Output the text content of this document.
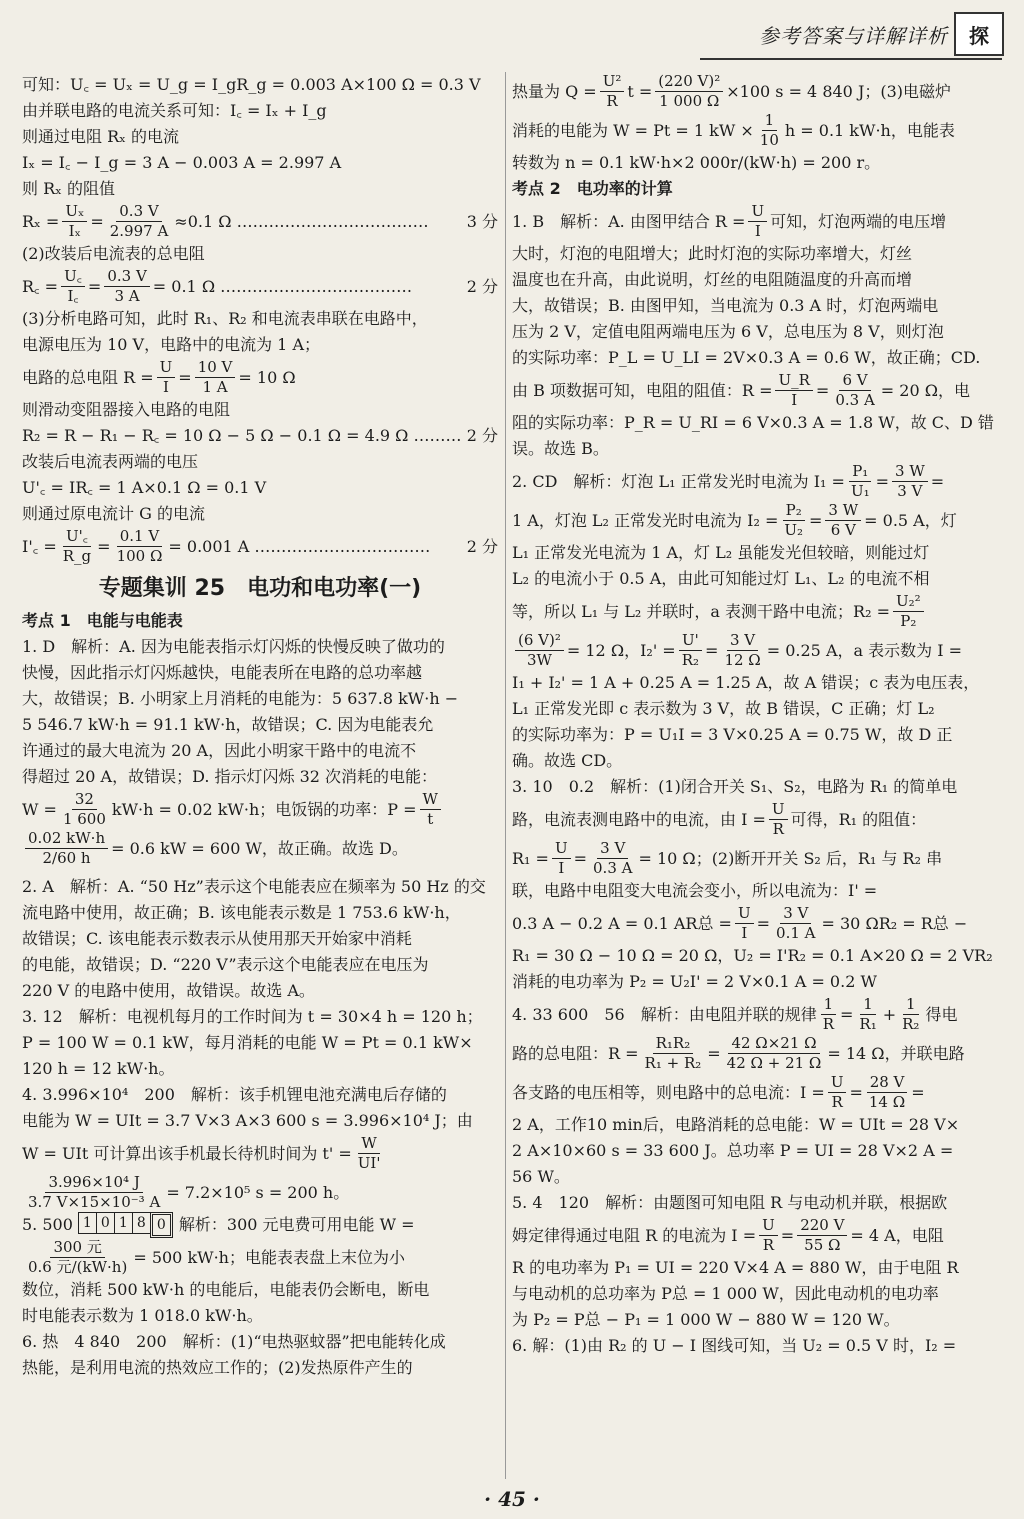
参考答案与详解详析	探
可知：U꜀ = Uₓ = U_g = I_gR_g = 0.003 A×100 Ω = 0.3 V
由并联电路的电流关系可知：I꜀ = Iₓ + I_g
则通过电阻 Rₓ 的电流
Iₓ = I꜀ − I_g = 3 A − 0.003 A = 2.997 A
则 Rₓ 的阻值
$R_x = \frac{\text{Uₓ}}{\text{Iₓ}} = \frac{0.3 V}{2.997 A} \approx 0.1$ Ω ……………………………… 3 分
(2)改装后电流表的总电阻
R꜀ = $\frac{U꜀}{I꜀} = \frac{0.3 V}{3 A} = 0.1$ Ω ………………………………	2 分
(3)分析电路可知，此时 R₁、R₂ 和电流表串联在电路中，
电源电压为 10 V，电路中的电流为 1 A；
电路的总电阻 $R = \frac{U}{I} = \frac{10 V}{1 A} = 10$ Ω
则滑动变阻器接入电路的电阻
R₂ = R − R₁ − R꜀ = 10 Ω − 5 Ω − 0.1 Ω = 4.9 Ω ……… 2 分
改装后电流表两端的电压
U'꜀ = IR꜀ = 1 A×0.1 Ω = 0.1 V
则通过原电流计 G 的电流
I'꜀ = $\frac{U'꜀}{R\_g} = \frac{0.1 V}{100 \Omega} = 0.001$ A …………………………… 2 分
专题集训 25　电功和电功率(一)
考点 1　电能与电能表
1. D　解析：A. 因为电能表指示灯闪烁的快慢反映了做功的
快慢，因此指示灯闪烁越快，电能表所在电路的总功率越
大，故错误；B. 小明家上月消耗的电能为：5 637.8 kW·h −
5 546.7 kW·h = 91.1 kW·h，故错误；C. 因为电能表允
许通过的最大电流为 20 A，因此小明家干路中的电流不
得超过 20 A，故错误；D. 指示灯闪烁 32 次消耗的电能：
$W = \frac{32}{1 600} kW\cdot h = 0.02$ kW·h；电饭锅的功率：$P = \frac{W}{t}$
$\frac{0.02 kW\cdot h}{2/60 h} = 0.6$ kW = 600 W，故正确。故选 D。
2. A　解析：A. “50 Hz”表示这个电能表应在频率为 50 Hz 的交
流电路中使用，故正确；B. 该电能表示数是 1 753.6 kW·h，
故错误；C. 该电能表示数表示从使用那天开始家中消耗
的电能，故错误；D. “220 V”表示这个电能表应在电压为
220 V 的电路中使用，故错误。故选 A。
3. 12　解析：电视机每月的工作时间为 t = 30×4 h = 120 h；
P = 100 W = 0.1 kW，每月消耗的电能 W = Pt = 0.1 kW×
120 h = 12 kW·h。
4. 3.996×10⁴　200　解析：该手机锂电池充满电后存储的
电能为 W = UIt = 3.7 V×3 A×3 600 s = 3.996×10⁴ J；由
W = UIt 可计算出该手机最长待机时间为 $t' = \frac{W}{UI'}$
$\frac{\text{3.996×10⁴ J}}{\text{3.7 V×15×10⁻³ A}} = 7.2\times 10^5$ s = 200 h。
5. 500 1 0 1 8 0 解析：300 元电费可用电能 W =
$\frac{\text{300 元}}{\text{0.6 元/(kW·h)}} = 500$ kW·h；电能表表盘上末位为小
数位，消耗 500 kW·h 的电能后，电能表仍会断电，断电
时电能表示数为 1 018.0 kW·h。
6. 热　4 840　200　解析：(1)“电热驱蚊器”把电能转化成
热能，是利用电流的热效应工作的；(2)发热原件产生的
热量为 $Q = \frac{\text{U²}}{R}$ $t = \frac{\text{(220 V)²}}{1 000 \Omega} \times 100$ s = 4 840 J；(3)电磁炉
消耗的电能为 W = Pt = 1 kW × $\frac{1}{10}$ h = 0.1 kW·h，电能表
转数为 n = 0.1 kW·h×2 000r/(kW·h) = 200 r。
考点 2　电功率的计算
1. B　解析：A. 由图甲结合 $R = \frac{U}{I}$ 可知，灯泡两端的电压增
大时，灯泡的电阻增大；此时灯泡的实际功率增大，灯丝
温度也在升高，由此说明，灯丝的电阻随温度的升高而增
大，故错误；B. 由图甲知，当电流为 0.3 A 时，灯泡两端电
压为 2 V，定值电阻两端电压为 6 V，总电压为 8 V，则灯泡
的实际功率：P_L = U_LI = 2V×0.3 A = 0.6 W，故正确；CD.
由 B 项数据可知，电阻的阻值：$R = \frac{U\_R}{I} = \frac{6 V}{0.3 A} = 20$ Ω，电
阻的实际功率：P_R = U_RI = 6 V×0.3 A = 1.8 W，故 C、D 错
误。故选 B。
2. CD　解析：灯泡 L₁ 正常发光时电流为 $I_1 = \frac{\text{P₁}}{\text{U₁}} = \frac{3 W}{3 V}$ =
1 A，灯泡 L₂ 正常发光时电流为 $I_2 = \frac{\text{P₂}}{\text{U₂}} = \frac{3 W}{6 V} = 0.5$ A，灯
L₁ 正常发光电流为 1 A，灯 L₂ 虽能发光但较暗，则能过灯
L₂ 的电流小于 0.5 A，由此可知能过灯 L₁、L₂ 的电流不相
等，所以 L₁ 与 L₂ 并联时，a 表测干路中电流；$R_2 = \frac{\text{U₂²}}{\text{P₂}}$
$\frac{\text{(6 V)²}}{3W} = 12$ Ω，$I_2' = \frac{U'}{\text{R₂}} = \frac{3 V}{12 \Omega} = 0.25$ A，a 表示数为 I =
I₁ + I₂' = 1 A + 0.25 A = 1.25 A，故 A 错误；c 表为电压表，
L₁ 正常发光即 c 表示数为 3 V，故 B 错误，C 正确；灯 L₂
的实际功率为：P = U₁I = 3 V×0.25 A = 0.75 W，故 D 正
确。故选 CD。
3. 10　0.2　解析：(1)闭合开关 S₁、S₂，电路为 R₁ 的简单电
路，电流表测电路中的电流，由 $I = \frac{U}{R}$ 可得，R₁ 的阻值：
$R_1 = \frac{U}{I} = \frac{3 V}{0.3 A} = 10$ Ω；(2)断开开关 S₂ 后，R₁ 与 R₂ 串
联，电路中电阻变大电流会变小，所以电流为：I' =
0.3 A − 0.2 A = 0.1 AR总 = $\frac{U}{I} = \frac{3 V}{0.1 A} = 30$ ΩR₂ = R总 −
R₁ = 30 Ω − 10 Ω = 20 Ω，U₂ = I'R₂ = 0.1 A×20 Ω = 2 VR₂
消耗的电功率为 P₂ = U₂I' = 2 V×0.1 A = 0.2 W
4. 33 600　56　解析：由电阻并联的规律 $\frac{1}{R} = \frac{1}{\text{R₁}} + \frac{1}{\text{R₂}}$ 得电
路的总电阻：$R = \frac{\text{R₁R₂}}{\text{R₁ + R₂}} = \frac{42 \Omega\times 21 \Omega}{42 \Omega + 21 \Omega} = 14$ Ω，并联电路
各支路的电压相等，则电路中的总电流：$I = \frac{U}{R} = \frac{28 V}{14 \Omega}$ =
2 A，工作10 min后，电路消耗的总电能：W = UIt = 28 V×
2 A×10×60 s = 33 600 J。总功率 P = UI = 28 V×2 A =
56 W。
5. 4　120　解析：由题图可知电阻 R 与电动机并联，根据欧
姆定律得通过电阻 R 的电流为 $I = \frac{U}{R} = \frac{220 V}{55 \Omega} = 4$ A，电阻
R 的电功率为 P₁ = UI = 220 V×4 A = 880 W，由于电阻 R
与电动机的总功率为 P总 = 1 000 W，因此电动机的电功率
为 P₂ = P总 − P₁ = 1 000 W − 880 W = 120 W。
6. 解：(1)由 R₂ 的 U − I 图线可知，当 U₂ = 0.5 V 时，I₂ =
· 45 ·
